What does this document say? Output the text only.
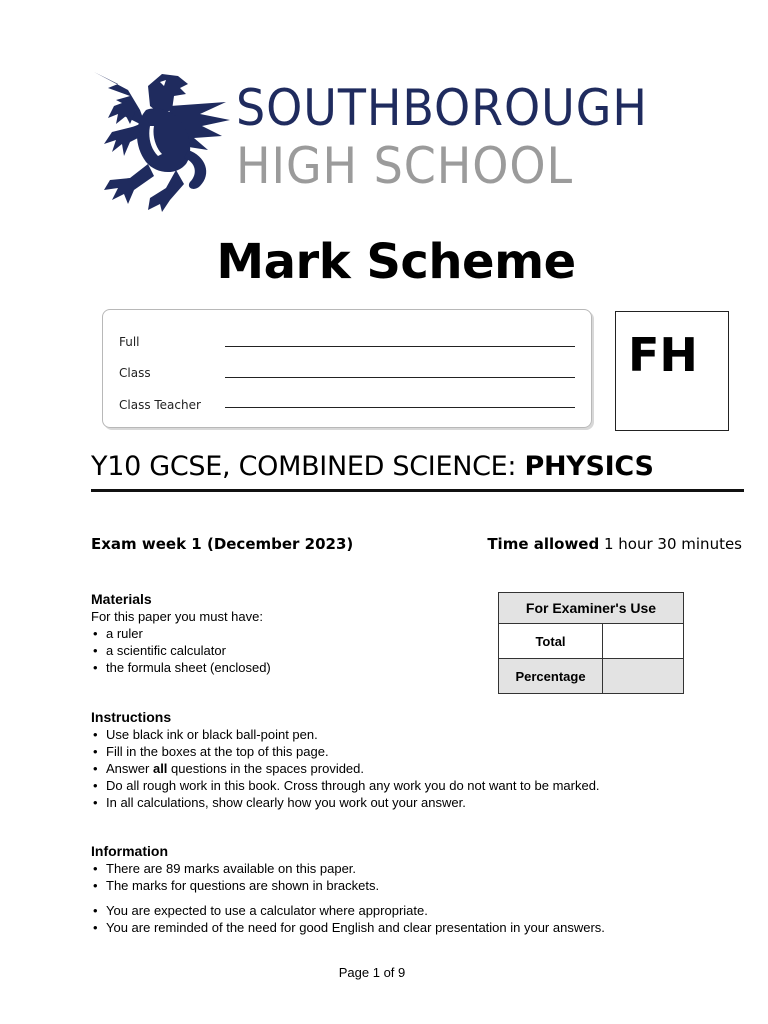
SOUTHBOROUGH
HIGH SCHOOL
Mark Scheme
Full
Class
Class Teacher
FH
Y10 GCSE, COMBINED SCIENCE: PHYSICS
Exam week 1 (December 2023)	Time allowed 1 hour 30 minutes
Materials
For this paper you must have:
• a ruler
• a scientific calculator
• the formula sheet (enclosed)
For Examiner's Use	
Total	
Percentage	
Instructions
• Use black ink or black ball-point pen.
• Fill in the boxes at the top of this page.
• Answer all questions in the spaces provided.
• Do all rough work in this book. Cross through any work you do not want to be marked.
• In all calculations, show clearly how you work out your answer.
Information
• There are 89 marks available on this paper.
• The marks for questions are shown in brackets.
• You are expected to use a calculator where appropriate.
• You are reminded of the need for good English and clear presentation in your answers.
Page 1 of 9
